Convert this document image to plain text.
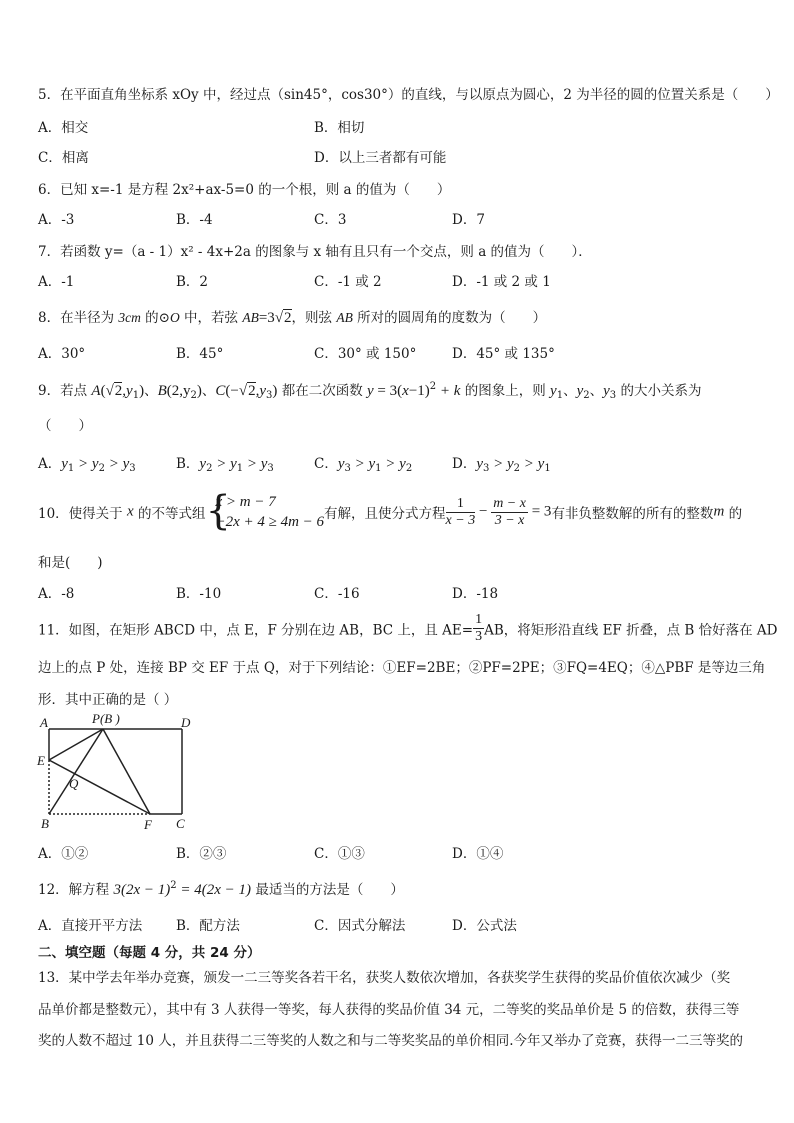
5．在平面直角坐标系 xOy 中，经过点（sin45°，cos30°）的直线，与以原点为圆心，2 为半径的圆的位置关系是（　　）
A．相交	B．相切
C．相离	D．以上三者都有可能
6．已知 x=-1 是方程 2x²+ax-5=0 的一个根，则 a 的值为（　　）
A．-3	B．-4	C．3	D．7
7．若函数 y=（a - 1）x² - 4x+2a 的图象与 x 轴有且只有一个交点，则 a 的值为（　　）．
A．-1	B．2	C．-1 或 2	D．-1 或 2 或 1
8．在半径为 3cm 的⊙O 中，若弦 AB=3√2，则弦 AB 所对的圆周角的度数为（　　）
A．30°	B．45°	C．30° 或 150°	D．45° 或 135°
9．若点 $A(√2,y_1)$、$B(2,y_2)$、$C(-√2,y_3)$ 都在二次函数 $y = 3(x-1)^2 + k$ 的图象上，则 $y_1$、$y_2$、$y_3$ 的大小关系为
（　　）
A．$y_1 > y_2 > y_3$	B．$y_2 > y_1 > y_3$	C．$y_3 > y_1 > y_2$	D．$y_3 > y_2 > y_1$
10．使得关于 x 的不等式组 {
x > m − 7
−2x + 4 ≥ 4m − 6 有解，且使分式方程 $\frac{1}{x - 3} - \frac{m - x}{3 - x} = 3$有非负整数解的所有的整数m 的
和是(　　)
A．-8	B．-10	C．-16	D．-18
11．如图，在矩形 ABCD 中，点 E，F 分别在边 AB，BC 上，且 $AE= \frac{1}{3}$ AB，将矩形沿直线 EF 折叠，点 B 恰好落在 AD
边上的点 P 处，连接 BP 交 EF 于点 Q，对于下列结论：①EF=2BE；②PF=2PE；③FQ=4EQ；④△PBF 是等边三角
形．其中正确的是（ ）
A	P(B )	D
E
Q
B	F C
A．①②	B．②③	C．①③	D．①④
12．解方程 $3(2x - 1)^2 = 4(2x - 1)$ 最适当的方法是（　　）
A．直接开平方法	B．配方法	C．因式分解法	D．公式法
二、填空题（每题 4 分，共 24 分）
13．某中学去年举办竞赛，颁发一二三等奖各若干名，获奖人数依次增加，各获奖学生获得的奖品价值依次减少（奖
品单价都是整数元），其中有 3 人获得一等奖，每人获得的奖品价值 34 元，二等奖的奖品单价是 5 的倍数，获得三等
奖的人数不超过 10 人，并且获得二三等奖的人数之和与二等奖奖品的单价相同.今年又举办了竞赛，获得一二三等奖的
